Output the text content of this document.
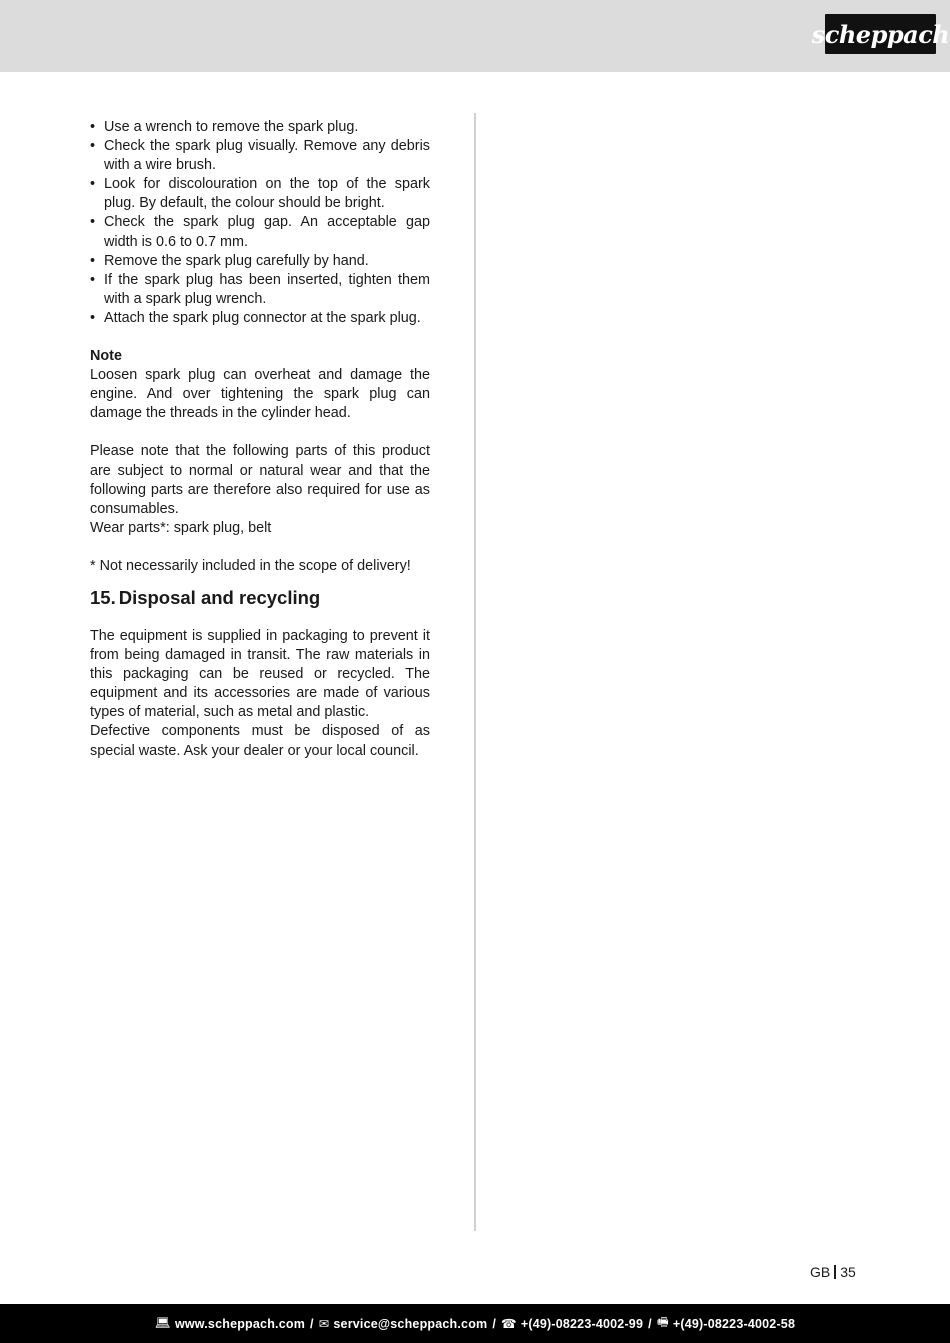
scheppach
• Use a wrench to remove the spark plug.
• Check the spark plug visually. Remove any debris with a wire brush.
• Look for discolouration on the top of the spark plug. By default, the colour should be bright.
• Check the spark plug gap. An acceptable gap width is 0.6 to 0.7 mm.
• Remove the spark plug carefully by hand.
• If the spark plug has been inserted, tighten them with a spark plug wrench.
• Attach the spark plug connector at the spark plug.

Note

Loosen spark plug can overheat and damage the engine. And over tightening the spark plug can damage the threads in the cylinder head.

Please note that the following parts of this product are subject to normal or natural wear and that the following parts are therefore also required for use as consumables.

Wear parts*: spark plug, belt

* Not necessarily included in the scope of delivery!

15. Disposal and recycling

The equipment is supplied in packaging to prevent it from being damaged in transit. The raw materials in this packaging can be reused or recycled. The equipment and its accessories are made of various types of material, such as metal and plastic.

Defective components must be disposed of as special waste. Ask your dealer or your local council.

GB 35
💻︎ www.scheppach.com / ✉︎ service@scheppach.com / ☎︎ +(49)-08223-4002-99 / 🖷︎ +(49)-08223-4002-58
